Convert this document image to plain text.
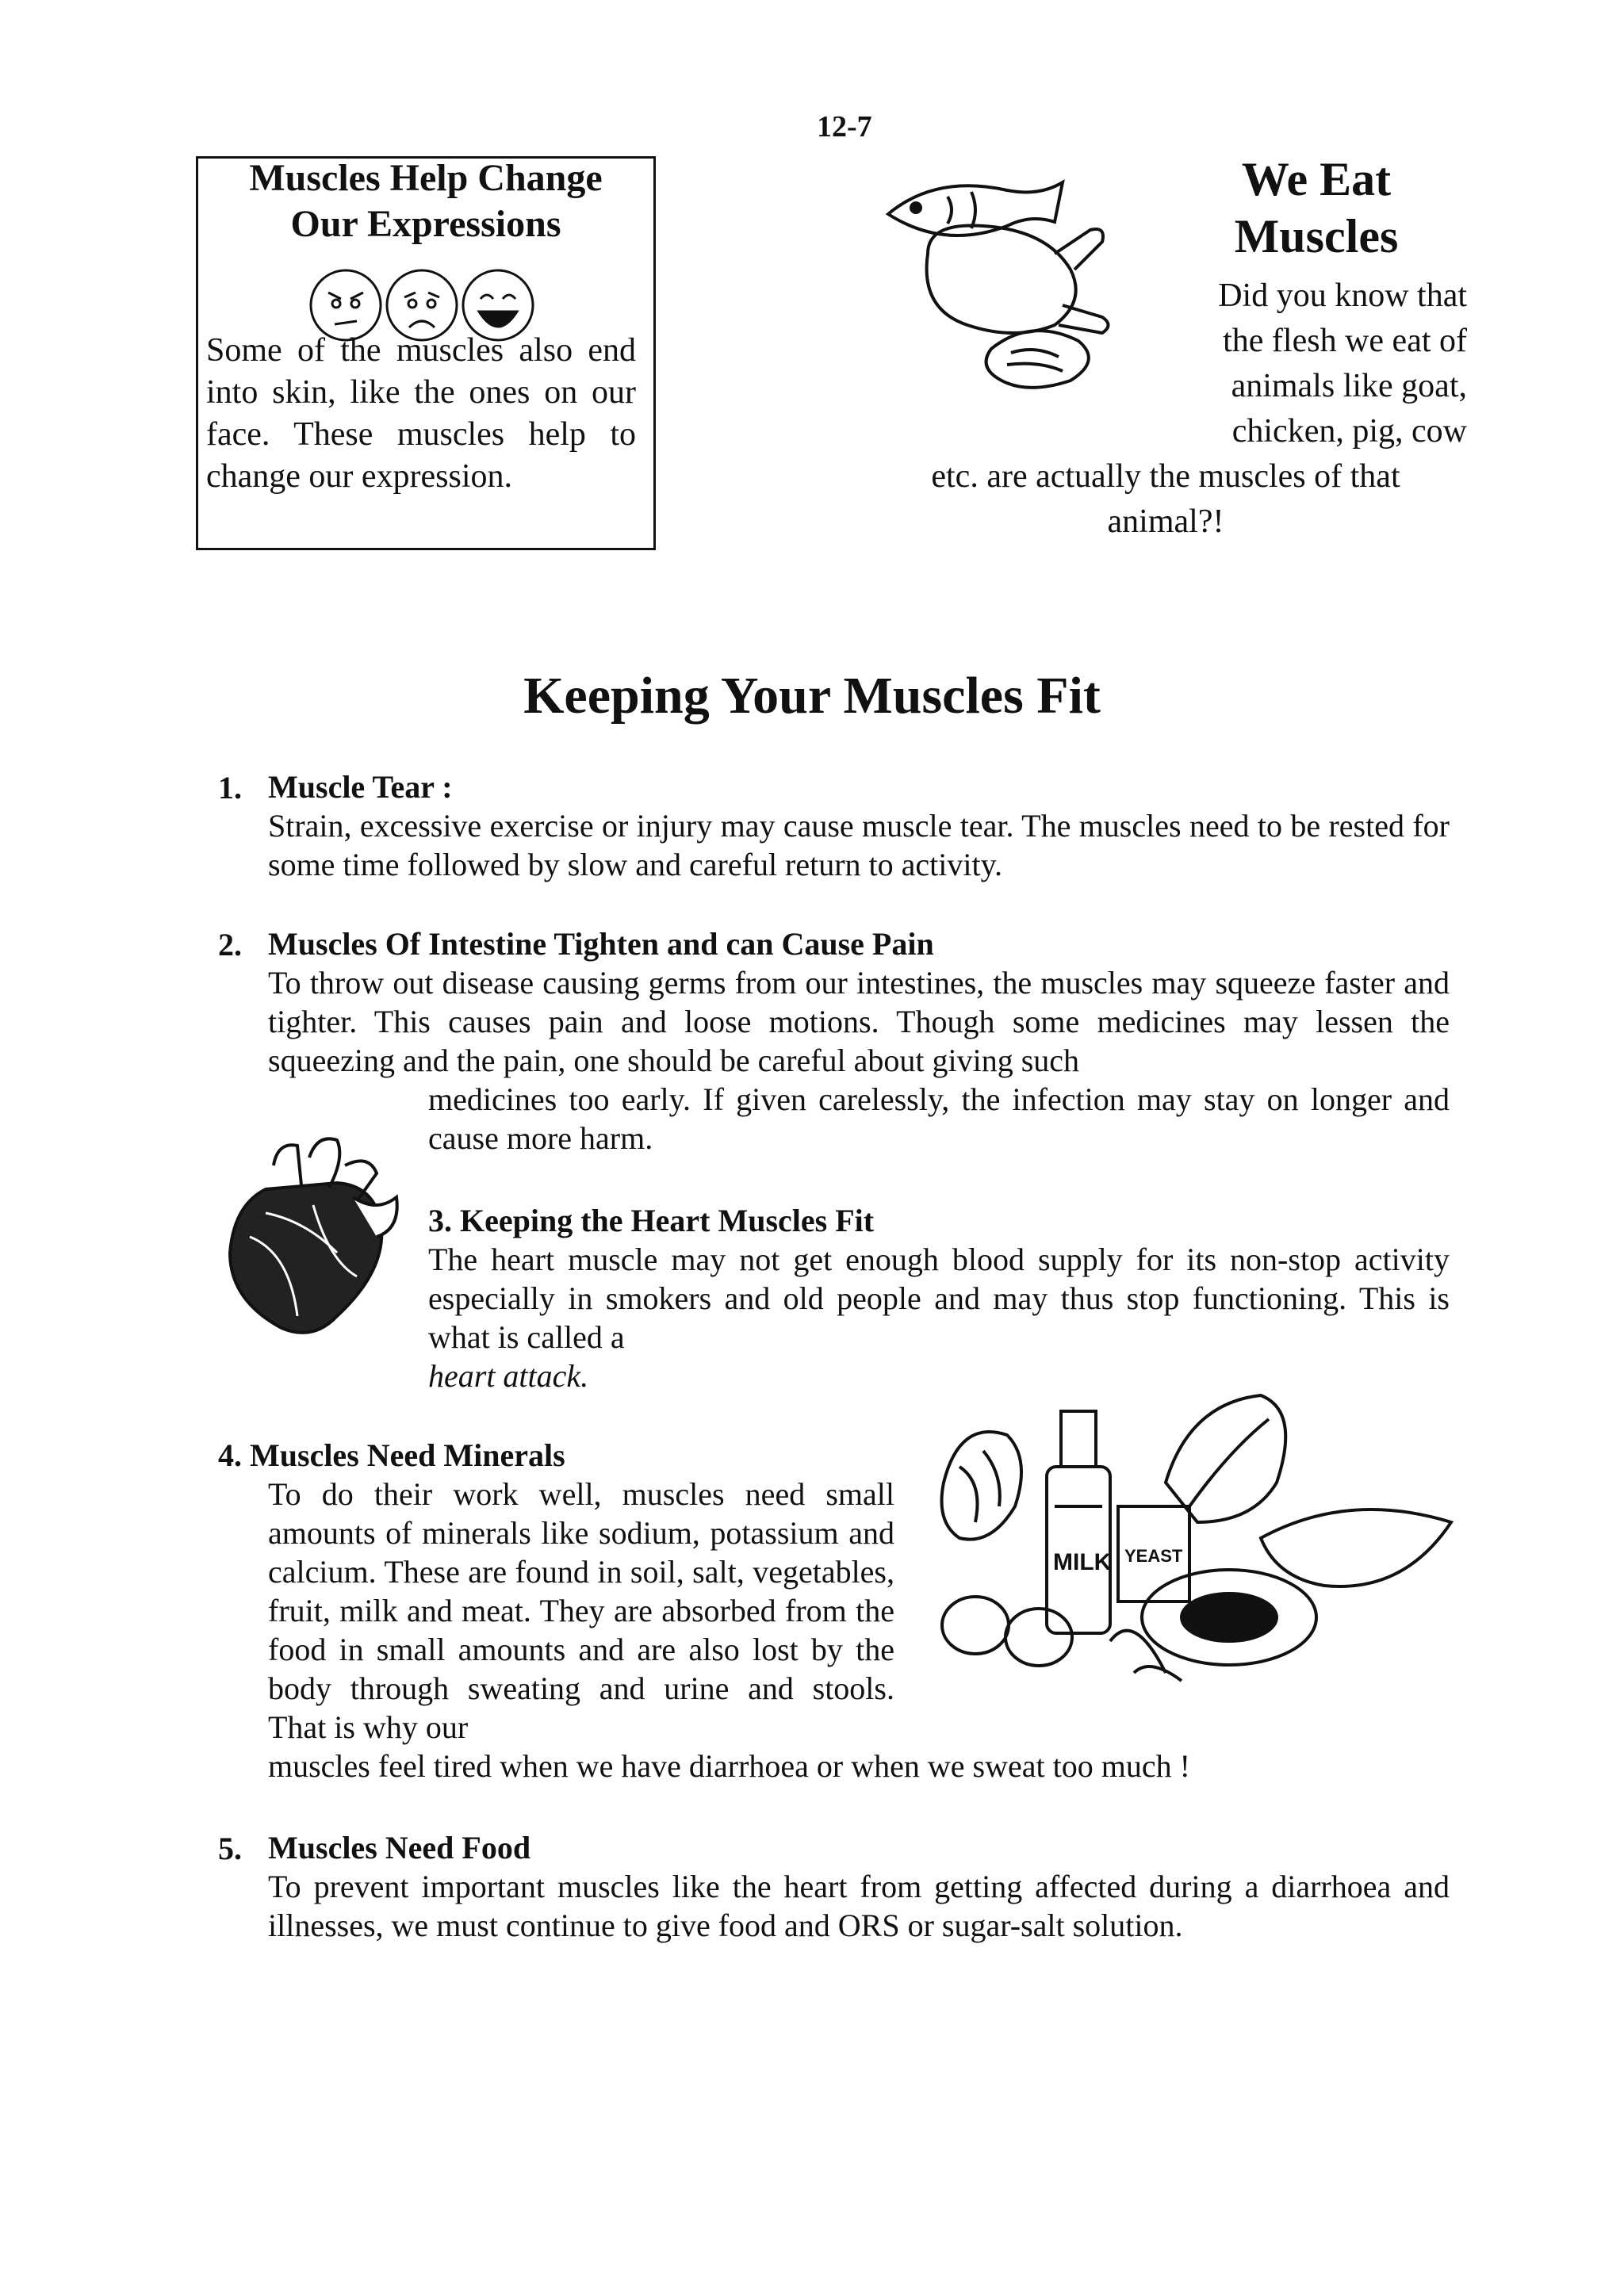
12-7
Muscles Help Change
Our Expressions
Some of the muscles also end into skin, like the ones on our face. These muscles help to change our expression.
We Eat
Muscles
Did you know that
the flesh we eat of
animals like goat,
chicken, pig, cow
etc. are actually the muscles of that
animal?!
Keeping Your Muscles Fit
1. Muscle Tear :
Strain, excessive exercise or injury may cause muscle tear. The muscles need to be rested for some time followed by slow and careful return to activity.
2. Muscles Of Intestine Tighten and can Cause Pain
To throw out disease causing germs from our intestines, the muscles may squeeze faster and tighter. This causes pain and loose motions. Though some medicines may lessen the squeezing and the pain, one should be careful about giving such
medicines too early. If given carelessly, the infection may stay on longer and cause more harm.
3. Keeping the Heart Muscles Fit
The heart muscle may not get enough blood supply for its non-stop activity especially in smokers and old people and may thus stop functioning. This is what is called a
heart attack.
MILK YEAST
4. Muscles Need Minerals
To do their work well, muscles need small amounts of minerals like sodium, potassium and calcium. These are found in soil, salt, vegetables, fruit, milk and meat. They are absorbed from the food in small amounts and are also lost by the body through sweating and urine and stools. That is why our
muscles feel tired when we have diarrhoea or when we sweat too much !
5. Muscles Need Food
To prevent important muscles like the heart from getting affected during a diarrhoea and illnesses, we must continue to give food and ORS or sugar-salt solution.
